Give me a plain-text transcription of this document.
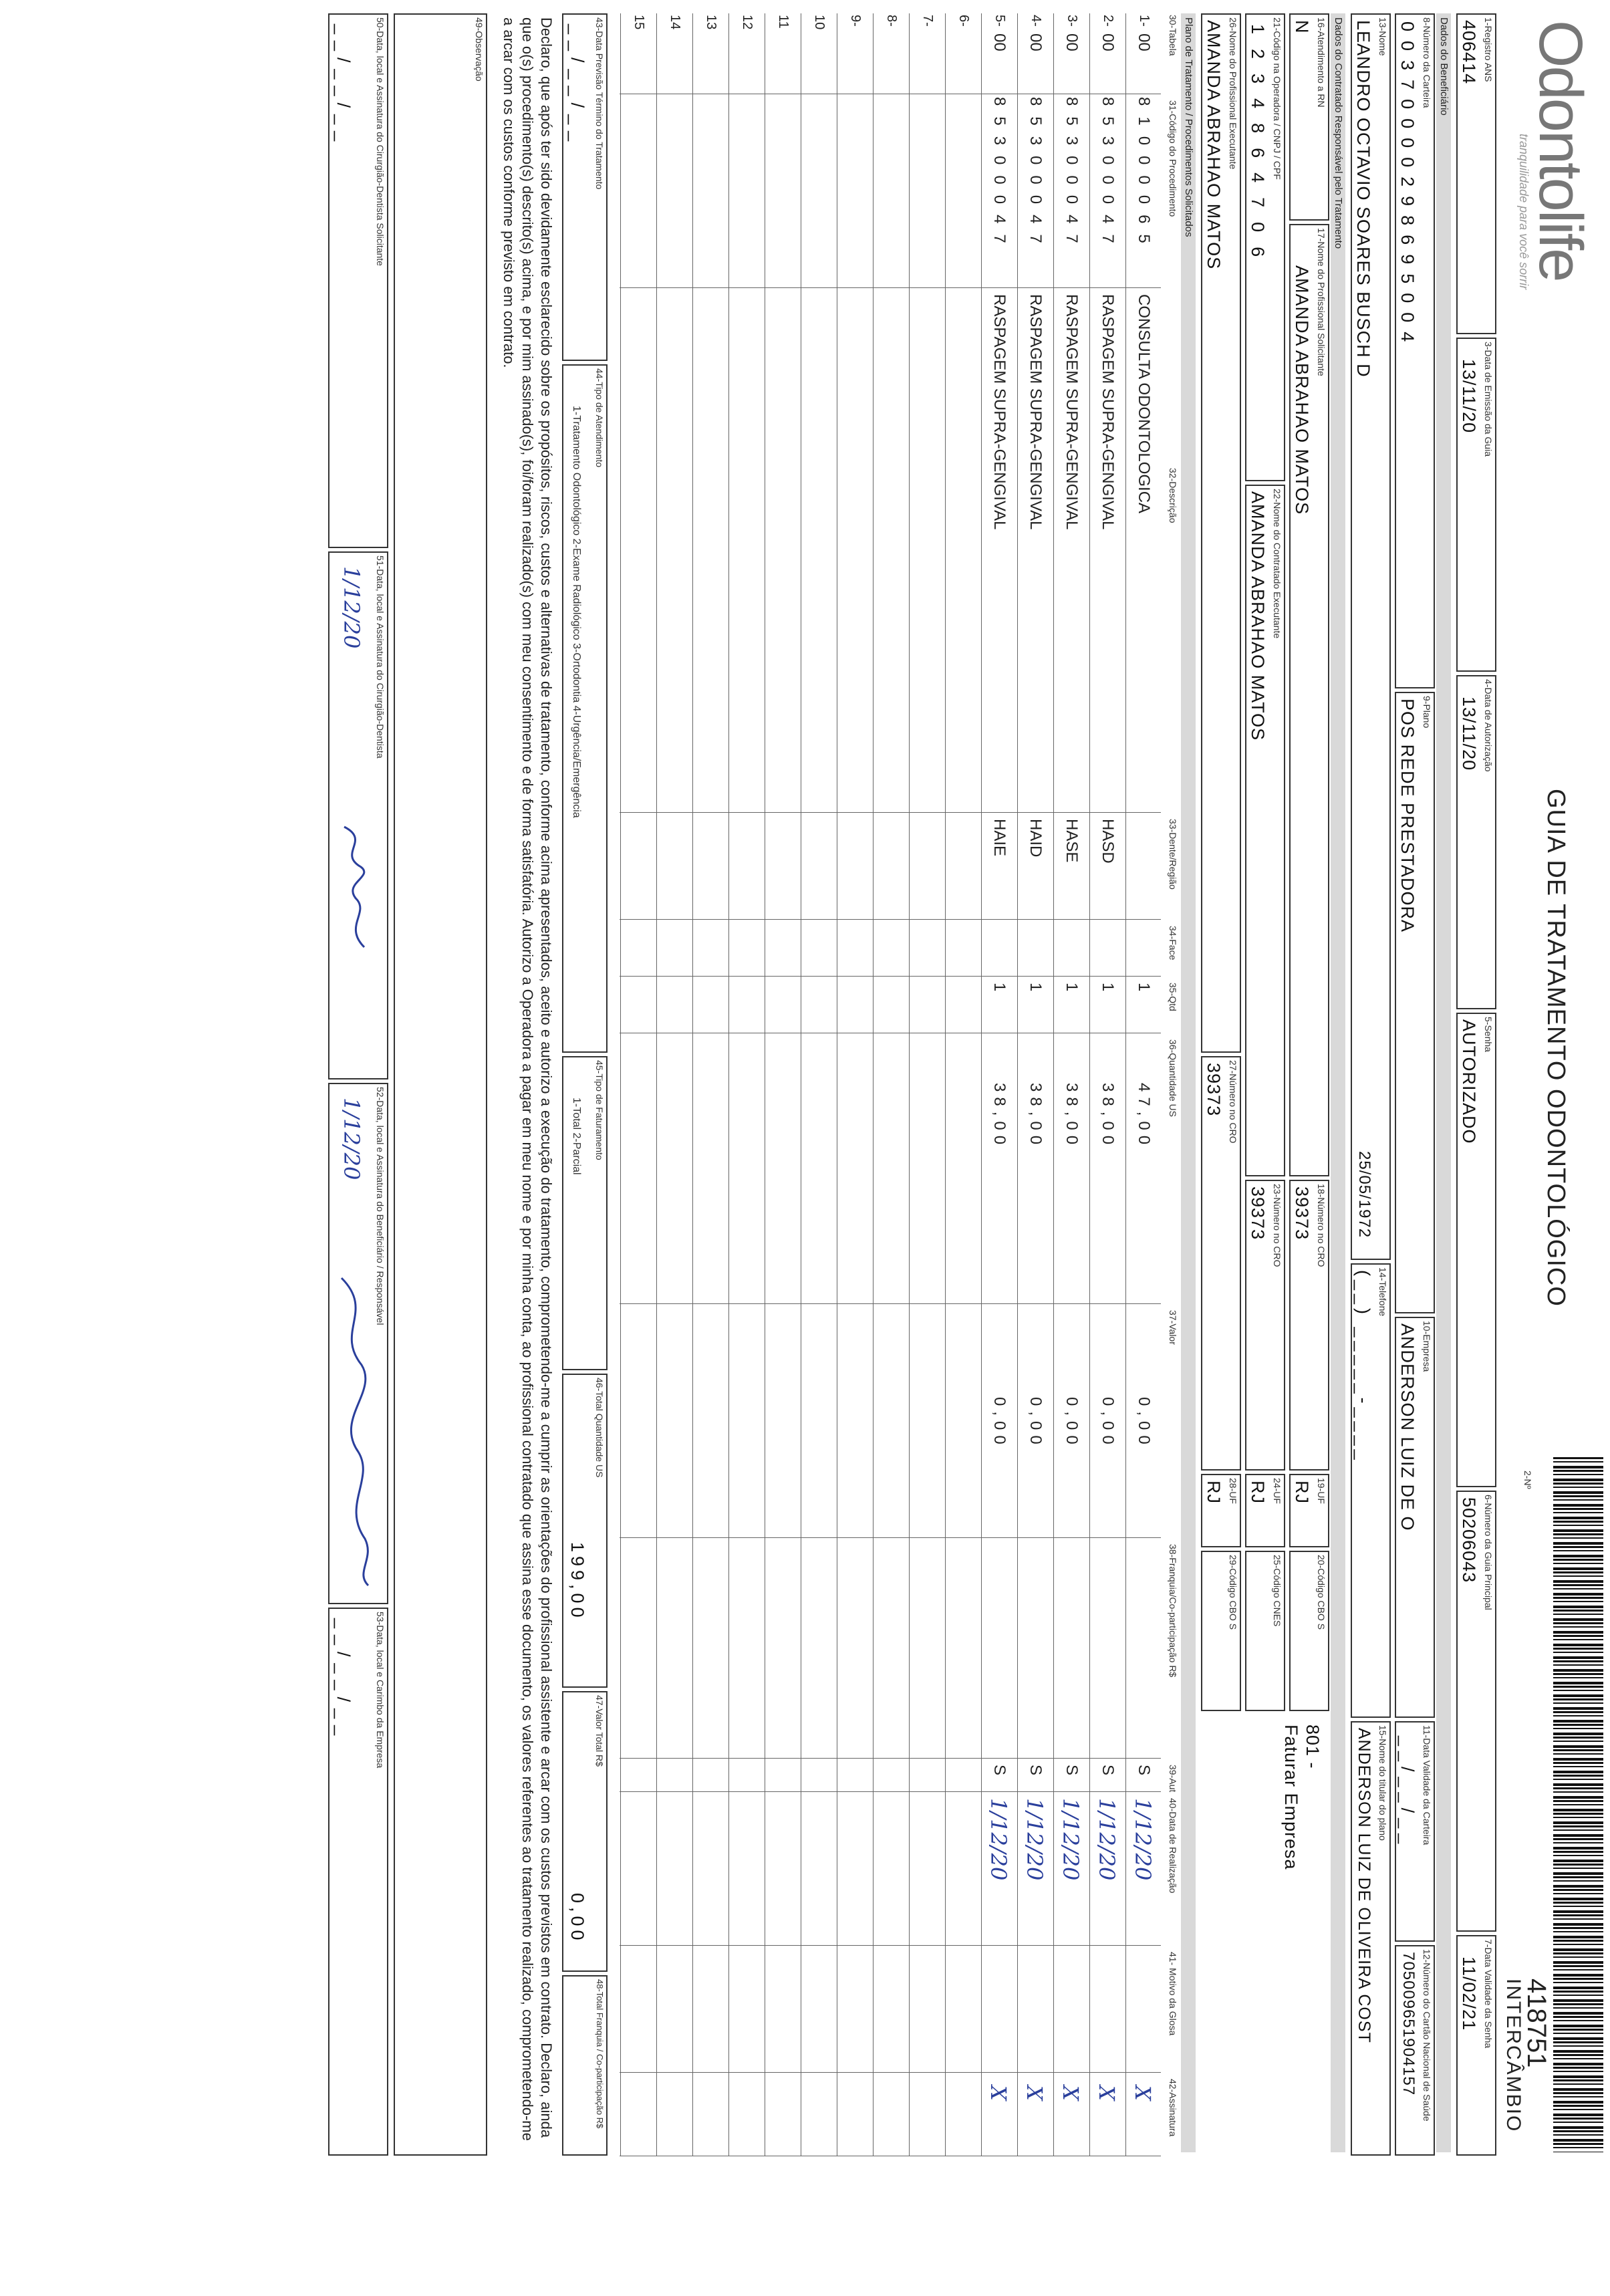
Odontolife
tranquilidade para você sorrir
GUIA DE TRATAMENTO ODONTOLÓGICO
2-Nº
418751
INTERCÂMBIO
1-Registro ANS
406414
3-Data de Emissão da Guia
13/11/20
4-Data de Autorização
13/11/20
5-Senha
AUTORIZADO
6-Número da Guia Principal
50206043
7-Data Validade da Senha
11/02/21
Dados do Beneficiário
8-Número da Carteira
00370000298695004
9-Plano
POS REDE PRESTADORA
10-Empresa
ANDERSON LUIZ DE O
11-Data Validade da Carteira
__/__/__
12-Número do Cartão Nacional de Saúde
705009651904157
13-Nome
LEANDRO OCTAVIO SOARES BUSCH D
25/05/1972
14-Telefone
(__) _____-____
15-Nome do titular do plano
ANDERSON LUIZ DE OLIVEIRA COST
Dados do Contratado Responsável pelo Tratamento
16-Atendimento a RN
N
17-Nome do Profissional Solicitante
AMANDA ABRAHAO MATOS
18-Número no CRO
39373
19-UF
RJ
20-Código CBO S
801 -
Faturar Empresa
21-Código na Operadora / CNPJ / CPF
1234864706
22-Nome do Contratado Executante
AMANDA ABRAHAO MATOS
23-Número no CRO
39373
24-UF
RJ
25-Código CNES
26-Nome do Profissional Executante
AMANDA ABRAHAO MATOS
27-Número no CRO
39373
28-UF
RJ
29-Código CBO S
Plano de Tratamento / Procedimentos Solicitados
30-Tabela
31-Código do Procedimento
32-Descrição
33-Dente/Região
34-Face
35-Qtd
36-Quantidade US
37-Valor
38-Franquia/Co-participação R$
39-Aut
40-Data de Realização
41- Motivo da Glosa
42-Assinatura
1-
00
81000065
CONSULTA ODONTOLOGICA
1
47,00
0,00
S
1/12/20
X
2-
00
85300047
RASPAGEM SUPRA-GENGIVAL
HASD
1
38,00
0,00
S
1/12/20
X
3-
00
85300047
RASPAGEM SUPRA-GENGIVAL
HASE
1
38,00
0,00
S
1/12/20
X
4-
00
85300047
RASPAGEM SUPRA-GENGIVAL
HAID
1
38,00
0,00
S
1/12/20
X
5-
00
85300047
RASPAGEM SUPRA-GENGIVAL
HAIE
1
38,00
0,00
S
1/12/20
X
6-
7-
8-
9-
10
11
12
13
14
15
43-Data Previsão Término do Tratamento
__/__/__
44-Tipo de Atendimento
1-Tratamento Odontológico 2-Exame Radiológico 3-Ortodontia 4-Urgência/Emergência
45-Tipo de Faturamento
1-Total 2-Parcial
46-Total Quantidade US
199,00
47-Valor Total R$
0,00
48-Total Franquia / Co-participação R$
Declaro, que após ter sido devidamente esclarecido sobre os propósitos, riscos, custos e alternativas de tratamento, conforme acima apresentados, aceito e autorizo a execução do tratamento, comprometendo-me a cumprir as orientações do profissional assistente e arcar com os custos previstos em contrato. Declaro, ainda que o(s) procedimento(s) descrito(s) acima, e por mim assinado(s), foi/foram realizado(s) com meu consentimento e de forma satisfatória. Autorizo a Operadora a pagar em meu nome e por minha conta, ao profissional contratado que assina esse documento, os valores referentes ao tratamento realizado, comprometendo-me a arcar com os custos conforme previsto em contrato.
49-Observação
50-Data, local e Assinatura do Cirurgião-Dentista Solicitante
__/__/__
51-Data, local e Assinatura do Cirurgião-Dentista
1/12/20
52-Data, local e Assinatura do Beneficiário / Responsável
1/12/20
53-Data, local e Carimbo da Empresa
__/__/__
